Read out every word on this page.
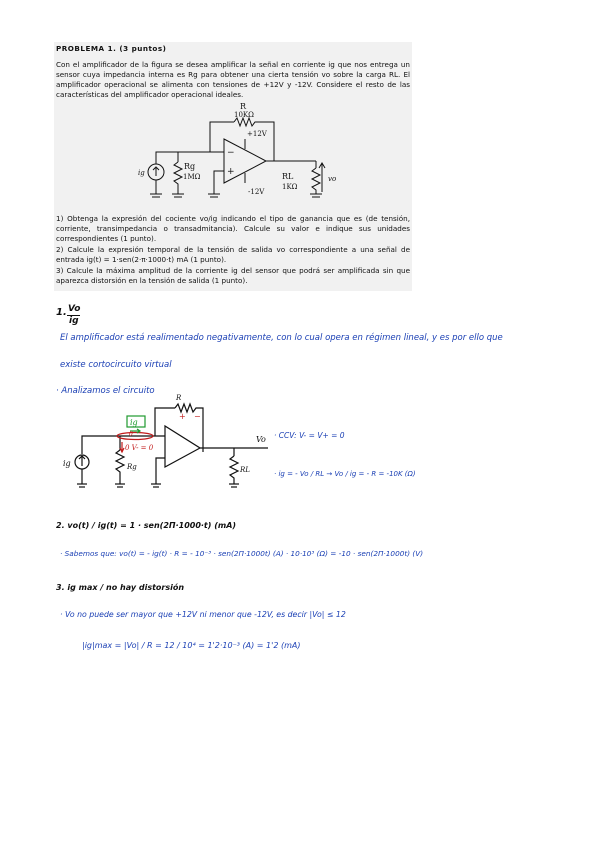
PROBLEMA 1. (3 puntos)

Con el amplificador de la figura se desea amplificar la señal en corriente ig que nos entrega un sensor cuya impedancia interna es Rg para obtener una cierta tensión vo sobre la carga RL. El amplificador operacional se alimenta con tensiones de +12V y -12V. Considere el resto de las características del amplificador operacional ideales.

R
10KΩ
+12V
-12V
−
+
ig
Rg
1MΩ	RL
1KΩ
vo

1) Obtenga la expresión del cociente vo/ig indicando el tipo de ganancia que es (de tensión, corriente, transimpedancia o transadmitancia). Calcule su valor e indique sus unidades correspondientes (1 punto).

2) Calcule la expresión temporal de la tensión de salida vo correspondiente a una señal de entrada ig(t) = 1·sen(2·π·1000·t) mA (1 punto).

3) Calcule la máxima amplitud de la corriente ig del sensor que podrá ser amplificada sin que aparezca distorsión en la tensión de salida (1 punto).

1. Vo
ig
El amplificador está realimentado negativamente, con lo cual opera en régimen lineal, y es por ello que
existe cortocircuito virtual
· Analizamos el circuito
R
ig
0
0 V- = 0
+ −
ig	Rg	RL
Vo · CCV: V- = V+ = 0
· ig = - Vo / RL → Vo / ig = - R = -10K (Ω)
2. vo(t) / ig(t) = 1 · sen(2Π·1000·t) (mA)
· Sabemos que: vo(t) = - ig(t) · R = - 10⁻³ · sen(2Π·1000t) (A) · 10·10³ (Ω) = -10 · sen(2Π·1000t) (V)
3. ig max / no hay distorsión
· Vo no puede ser mayor que +12V ni menor que -12V, es decir |Vo| ≤ 12
|ig|max = |Vo| / R = 12 / 10⁴ = 1'2·10⁻³ (A) = 1'2 (mA)
